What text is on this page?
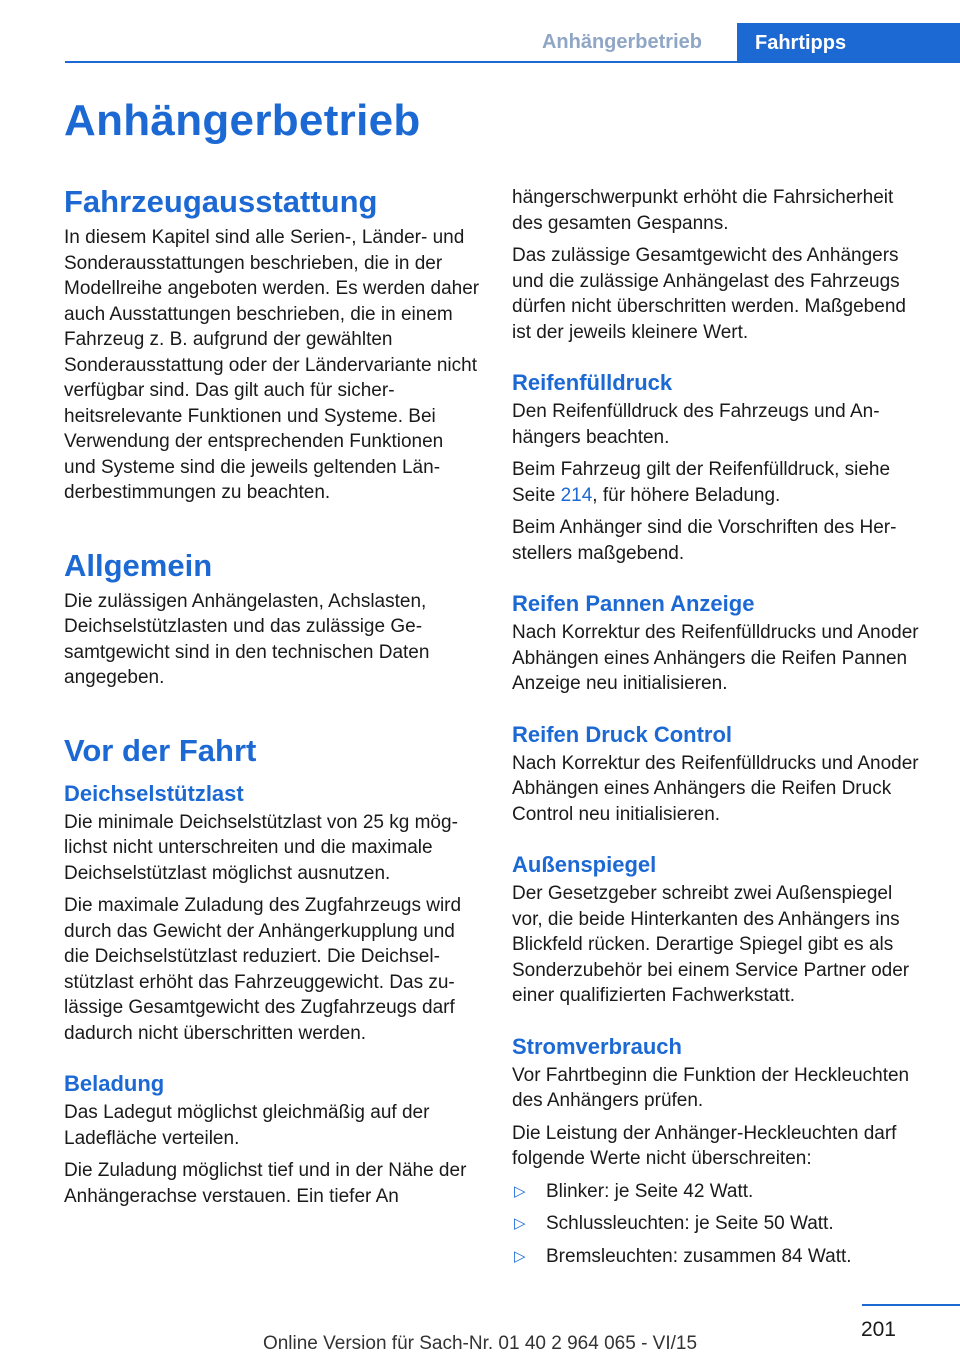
Anhängerbetrieb	Fahrtipps
Anhängerbetrieb
Fahrzeugausstattung

In diesem Kapitel sind alle Serien-, Länder- und Sonderausstattungen beschrieben, die in der Modellreihe angeboten werden. Es werden daher auch Ausstattungen beschrieben, die in einem Fahrzeug z. B. aufgrund der gewählten Sonderausstattung oder der Ländervariante nicht verfügbar sind. Das gilt auch für sicherheitsrelevante Funktionen und Systeme. Bei Verwendung der entsprechenden Funktionen und Systeme sind die jeweils geltenden Länderbestimmungen zu beachten.

Allgemein

Die zulässigen Anhängelasten, Achslasten, Deichselstützlasten und das zulässige Gesamtgewicht sind in den technischen Daten angegeben.

Vor der Fahrt
Deichselstützlast

Die minimale Deichselstützlast von 25 kg möglichst nicht unterschreiten und die maximale Deichselstützlast möglichst ausnutzen.

Die maximale Zuladung des Zugfahrzeugs wird durch das Gewicht der Anhängerkupplung und die Deichselstützlast reduziert. Die Deichselstützlast erhöht das Fahrzeuggewicht. Das zulässige Gesamtgewicht des Zugfahrzeugs darf dadurch nicht überschritten werden.

Beladung

Das Ladegut möglichst gleichmäßig auf der Ladefläche verteilen.

Die Zuladung möglichst tief und in der Nähe der Anhängerachse verstauen. Ein tiefer An

hängerschwerpunkt erhöht die Fahrsicherheit des gesamten Gespanns.

Das zulässige Gesamtgewicht des Anhängers und die zulässige Anhängelast des Fahrzeugs dürfen nicht überschritten werden. Maßgebend ist der jeweils kleinere Wert.

Reifenfülldruck

Den Reifenfülldruck des Fahrzeugs und Anhängers beachten.

Beim Fahrzeug gilt der Reifenfülldruck, siehe Seite 214, für höhere Beladung.

Beim Anhänger sind die Vorschriften des Herstellers maßgebend.

Reifen Pannen Anzeige

Nach Korrektur des Reifenfülldrucks und Anoder Abhängen eines Anhängers die Reifen Pannen Anzeige neu initialisieren.

Reifen Druck Control

Nach Korrektur des Reifenfülldrucks und Anoder Abhängen eines Anhängers die Reifen Druck Control neu initialisieren.

Außenspiegel

Der Gesetzgeber schreibt zwei Außenspiegel vor, die beide Hinterkanten des Anhängers ins Blickfeld rücken. Derartige Spiegel gibt es als Sonderzubehör bei einem Service Partner oder einer qualifizierten Fachwerkstatt.

Stromverbrauch

Vor Fahrtbeginn die Funktion der Heckleuchten des Anhängers prüfen.

Die Leistung der Anhänger-Heckleuchten darf folgende Werte nicht überschreiten:

▷ Blinker: je Seite 42 Watt.
▷ Schlussleuchten: je Seite 50 Watt.
▷ Bremsleuchten: zusammen 84 Watt.
201
Online Version für Sach-Nr. 01 40 2 964 065 - VI/15
